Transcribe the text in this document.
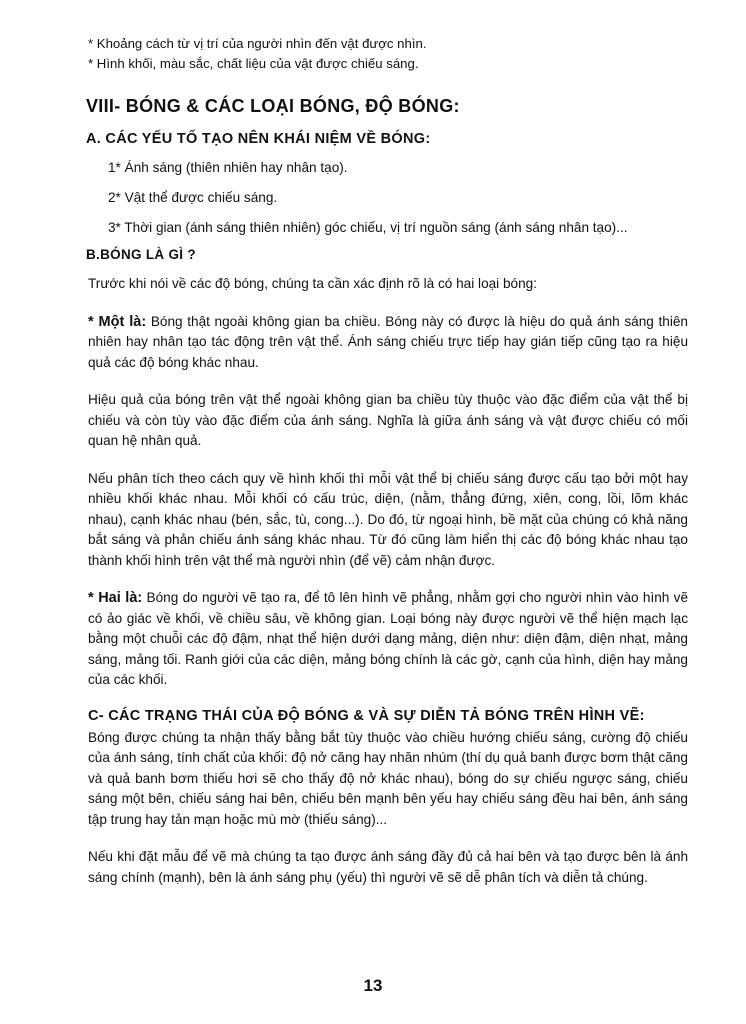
* Khoảng cách từ vị trí của người nhìn đến vật được nhìn.

* Hình khối, màu sắc, chất liệu của vật được chiếu sáng.

VIII- BÓNG & CÁC LOẠI BÓNG, ĐỘ BÓNG:
A. CÁC YẾU TỐ TẠO NÊN KHÁI NIỆM VỀ BÓNG:
1* Ánh sáng (thiên nhiên hay nhân tạo).
2* Vật thể được chiếu sáng.
3* Thời gian (ánh sáng thiên nhiên) góc chiếu, vị trí nguồn sáng (ánh sáng nhân tạo)...
B.BÓNG LÀ GÌ ?

Trước khi nói về các độ bóng, chúng ta cần xác định rõ là có hai loại bóng:

* Một là: Bóng thật ngoài không gian ba chiều. Bóng này có được là hiệu do quả ánh sáng thiên nhiên hay nhân tạo tác động trên vật thể. Ánh sáng chiếu trực tiếp hay gián tiếp cũng tạo ra hiệu quả các độ bóng khác nhau.

Hiệu quả của bóng trên vật thể ngoài không gian ba chiều tùy thuộc vào đặc điểm của vật thể bị chiếu và còn tùy vào đặc điểm của ánh sáng. Nghĩa là giữa ánh sáng và vật được chiếu có mối quan hệ nhân quả.

Nếu phân tích theo cách quy về hình khối thì mỗi vật thể bị chiếu sáng được cấu tạo bởi một hay nhiều khối khác nhau. Mỗi khối có cấu trúc, diện, (nằm, thẳng đứng, xiên, cong, lồi, lõm khác nhau), cạnh khác nhau (bén, sắc, tù, cong...). Do đó, từ ngoại hình, bề mặt của chúng có khả năng bắt sáng và phản chiếu ánh sáng khác nhau. Từ đó cũng làm hiển thị các độ bóng khác nhau tạo thành khối hình trên vật thể mà người nhìn (để vẽ) cảm nhận được.

* Hai là: Bóng do người vẽ tạo ra, để tô lên hình vẽ phẳng, nhằm gợi cho người nhìn vào hình vẽ có ảo giác về khối, về chiều sâu, về không gian. Loại bóng này được người vẽ thể hiện mạch lạc bằng một chuỗi các độ đậm, nhạt thể hiện dưới dạng mảng, diện như: diện đậm, diện nhạt, mảng sáng, mảng tối. Ranh giới của các diện, mảng bóng chính là các gờ, cạnh của hình, diện hay mảng của các khối.

C- CÁC TRẠNG THÁI CỦA ĐỘ BÓNG & VÀ SỰ DIỄN TẢ BÓNG TRÊN HÌNH VẼ:

Bóng được chúng ta nhận thấy bằng bắt tùy thuộc vào chiều hướng chiếu sáng, cường độ chiếu của ánh sáng, tính chất của khối: độ nở căng hay nhăn nhúm (thí dụ quả banh được bơm thật căng và quả banh bơm thiếu hơi sẽ cho thấy độ nở khác nhau), bóng do sự chiếu ngược sáng, chiếu sáng một bên, chiếu sáng hai bên, chiếu bên mạnh bên yếu hay chiếu sáng đều hai bên, ánh sáng tập trung hay tản mạn hoặc mù mờ (thiếu sáng)...

Nếu khi đặt mẫu để vẽ mà chúng ta tạo được ánh sáng đầy đủ cả hai bên và tạo được bên là ánh sáng chính (mạnh), bên là ánh sáng phụ (yếu) thì người vẽ sẽ dễ phân tích và diễn tả chúng.

13
